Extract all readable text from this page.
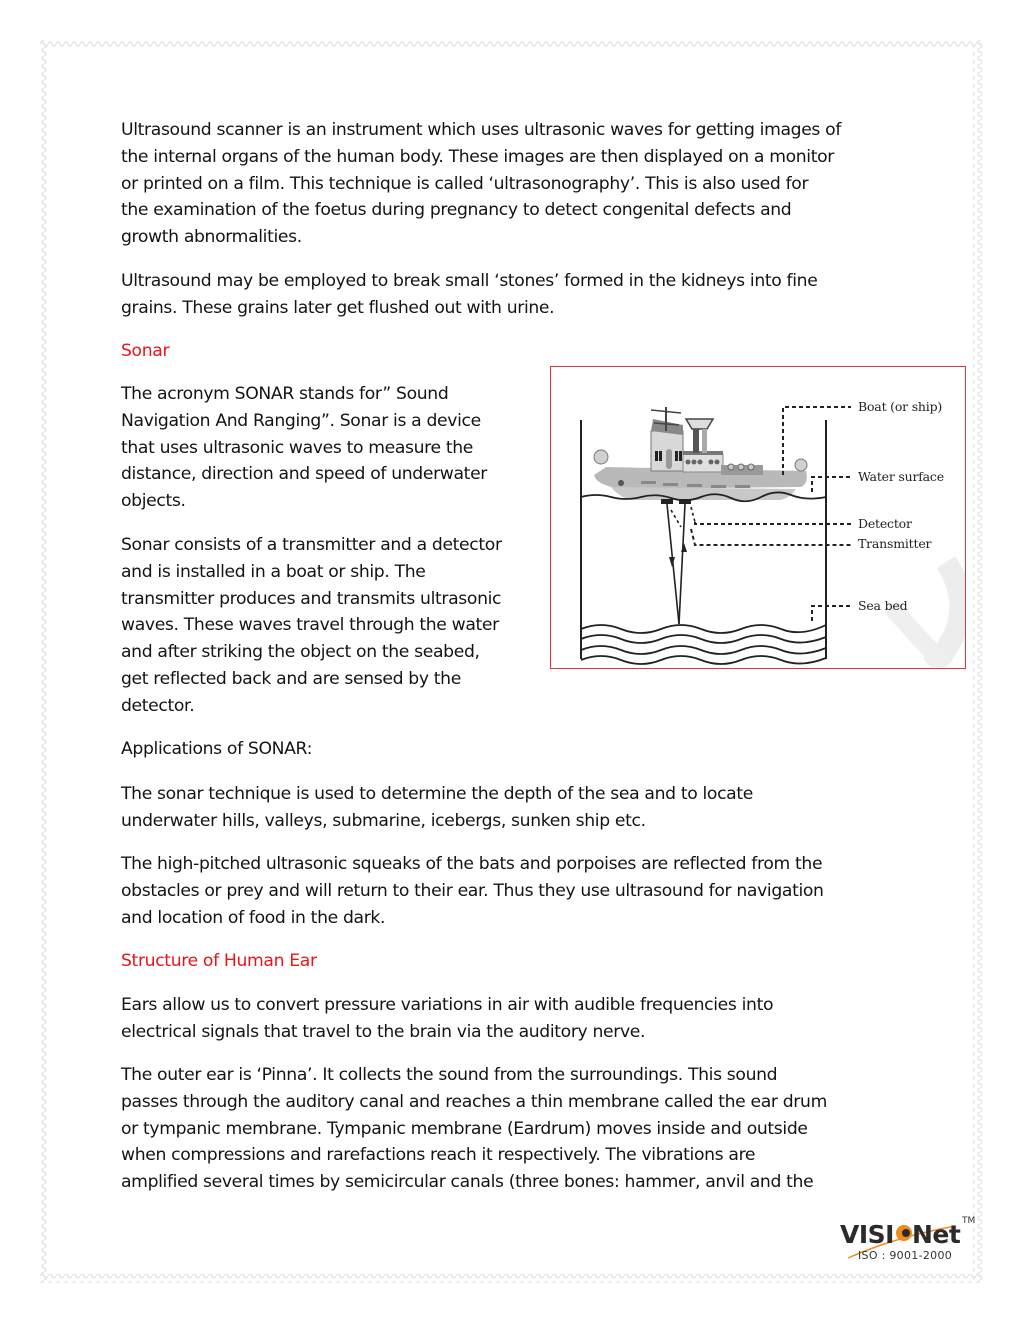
Ultrasound scanner is an instrument which uses ultrasonic waves for getting images of

the internal organs of the human body. These images are then displayed on a monitor

or printed on a film. This technique is called ‘ultrasonography’. This is also used for

the examination of the foetus during pregnancy to detect congenital defects and

growth abnormalities.

Ultrasound may be employed to break small ‘stones’ formed in the kidneys into fine

grains. These grains later get flushed out with urine.

Sonar

The acronym SONAR stands for” Sound

Navigation And Ranging”. Sonar is a device

that uses ultrasonic waves to measure the

distance, direction and speed of underwater

objects.

Sonar consists of a transmitter and a detector

and is installed in a boat or ship. The

transmitter produces and transmits ultrasonic

waves. These waves travel through the water

and after striking the object on the seabed,

get reflected back and are sensed by the

detector.

Boat (or ship)
Water surface
Detector
Transmitter
Sea bed

Applications of SONAR:

The sonar technique is used to determine the depth of the sea and to locate

underwater hills, valleys, submarine, icebergs, sunken ship etc.

The high-pitched ultrasonic squeaks of the bats and porpoises are reflected from the

obstacles or prey and will return to their ear. Thus they use ultrasound for navigation

and location of food in the dark.

Structure of Human Ear

Ears allow us to convert pressure variations in air with audible frequencies into

electrical signals that travel to the brain via the auditory nerve.

The outer ear is ‘Pinna’. It collects the sound from the surroundings. This sound

passes through the auditory canal and reaches a thin membrane called the ear drum

or tympanic membrane. Tympanic membrane (Eardrum) moves inside and outside

when compressions and rarefactions reach it respectively. The vibrations are

amplified several times by semicircular canals (three bones: hammer, anvil and the

VISI Net TM
ISO : 9001-2000
